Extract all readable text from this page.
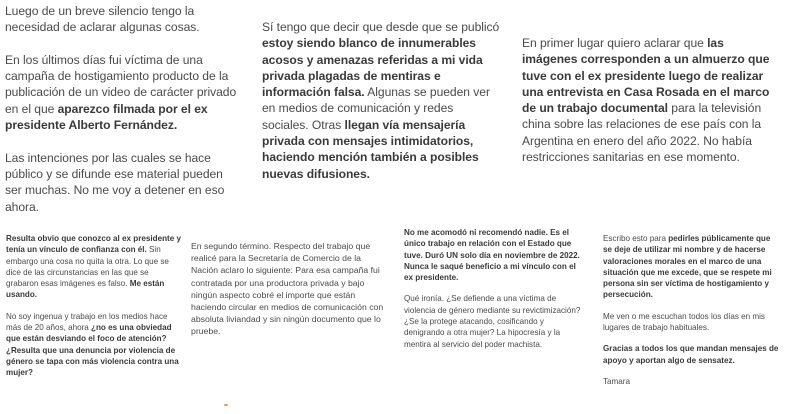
Luego de un breve silencio tengo la necesidad de aclarar algunas cosas.

En los últimos días fui víctima de una campaña de hostigamiento producto de la publicación de un video de carácter privado en el que aparezco filmada por el ex presidente Alberto Fernández.

Las intenciones por las cuales se hace público y se difunde ese material pueden ser muchas. No me voy a detener en eso ahora.

Sí tengo que decir que desde que se publicó estoy siendo blanco de innumerables acosos y amenazas referidas a mi vida privada plagadas de mentiras e información falsa. Algunas se pueden ver en medios de comunicación y redes sociales. Otras llegan vía mensajería privada con mensajes intimidatorios, haciendo mención también a posibles nuevas difusiones.

En primer lugar quiero aclarar que las imágenes corresponden a un almuerzo que tuve con el ex presidente luego de realizar una entrevista en Casa Rosada en el marco de un trabajo documental para la televisión china sobre las relaciones de ese país con la Argentina en enero del año 2022. No había restricciones sanitarias en ese momento.

Resulta obvio que conozco al ex presidente y tenía un vínculo de confianza con él. Sin embargo una cosa no quita la otra. Lo que se dice de las circunstancias en las que se grabaron esas imágenes es falso. Me están usando.

No soy ingenua y trabajo en los medios hace más de 20 años, ahora ¿no es una obviedad que están desviando el foco de atención? ¿Resulta que una denuncia por violencia de género se tapa con más violencia contra una mujer?

En segundo término. Respecto del trabajo que realicé para la Secretaría de Comercio de la Nación aclaro lo siguiente: Para esa campaña fui contratada por una productora privada y bajo ningún aspecto cobré el importe que están haciendo circular en medios de comunicación con absoluta liviandad y sin ningún documento que lo pruebe.

No me acomodó ni recomendó nadie. Es el único trabajo en relación con el Estado que tuve. Duró UN solo día en noviembre de 2022. Nunca le saqué beneficio a mi vínculo con el ex presidente.

Qué ironía. ¿Se defiende a una víctima de violencia de género mediante su revictimización? ¿Se la protege atacando, cosificando y denigrando a otra mujer? La hipocresía y la mentira al servicio del poder machista.

Escribo esto para pedirles públicamente que se deje de utilizar mi nombre y de hacerse valoraciones morales en el marco de una situación que me excede, que se respete mi persona sin ser víctima de hostigamiento y persecución.

Me ven o me escuchan todos los días en mis lugares de trabajo habituales.

Gracias a todos los que mandan mensajes de apoyo y aportan algo de sensatez.

Tamara
